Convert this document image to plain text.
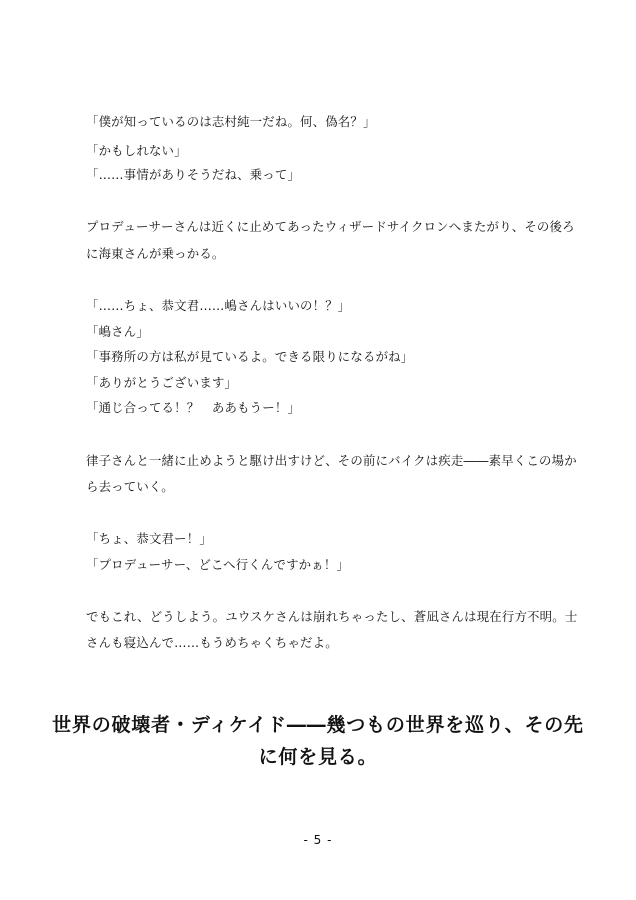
「僕が知っているのは志村純一だね。何、偽名？」
「かもしれない」
「……事情がありそうだね、乗って」
プロデューサーさんは近くに止めてあったウィザードサイクロンへまたがり、その後ろ
に海東さんが乗っかる。
「……ちょ、恭文君……嶋さんはいいの！？」
「嶋さん」
「事務所の方は私が見ているよ。できる限りになるがね」
「ありがとうございます」
「通じ合ってる！？　ああもうー！」
律子さんと一緒に止めようと駆け出すけど、その前にバイクは疾走――素早くこの場か
ら去っていく。
「ちょ、恭文君ー！」
「プロデューサー、どこへ行くんですかぁ！」
でもこれ、どうしよう。ユウスケさんは崩れちゃったし、蒼凪さんは現在行方不明。士
さんも寝込んで……もうめちゃくちゃだよ。
世界の破壊者・ディケイド――幾つもの世界を巡り、その先
に何を見る。
- 5 -
